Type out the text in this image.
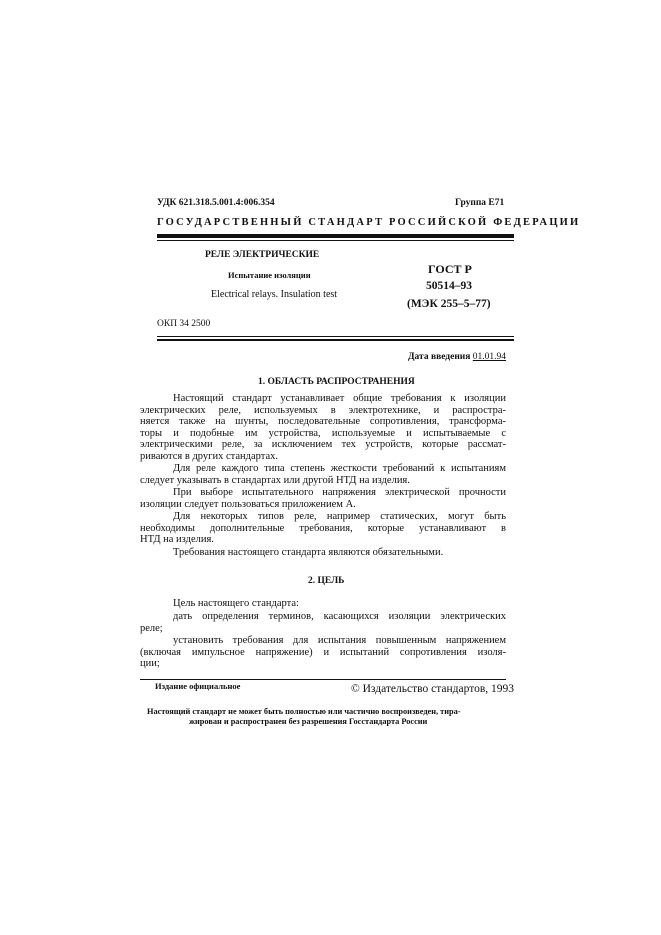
УДК 621.318.5.001.4:006.354	Группа Е71
ГОСУДАРСТВЕННЫЙ СТАНДАРТ РОССИЙСКОЙ ФЕДЕРАЦИИ
РЕЛЕ ЭЛЕКТРИЧЕСКИЕ
Испытание изоляции
Electrical relays. Insulation test
ГОСТ Р
50514–93
(МЭК 255–5–77)
ОКП 34 2500
Дата введения 01.01.94
1. ОБЛАСТЬ РАСПРОСТРАНЕНИЯ
Настоящий стандарт устанавливает общие требования к изоляции
электрических реле, используемых в электротехнике, и распростра-
няется также на шунты, последовательные сопротивления, трансформа-
торы и подобные им устройства, используемые и испытываемые с
электрическими реле, за исключением тех устройств, которые рассмат-
риваются в других стандартах.
Для реле каждого типа степень жесткости требований к испытаниям
следует указывать в стандартах или другой НТД на изделия.
При выборе испытательного напряжения электрической прочности
изоляции следует пользоваться приложением А.
Для некоторых типов реле, например статических, могут быть
необходимы дополнительные требования, которые устанавливают в
НТД на изделия.
Требования настоящего стандарта являются обязательными.
2. ЦЕЛЬ
Цель настоящего стандарта:
дать определения терминов, касающихся изоляции электрических
реле;
установить требования для испытания повышенным напряжением
(включая импульсное напряжение) и испытаний сопротивления изоля-
ции;
Издание официальное	© Издательство стандартов, 1993
Настоящий стандарт не может быть полностью или частично воспроизведен, тира-
жирован и распространен без разрешения Госстандарта России
